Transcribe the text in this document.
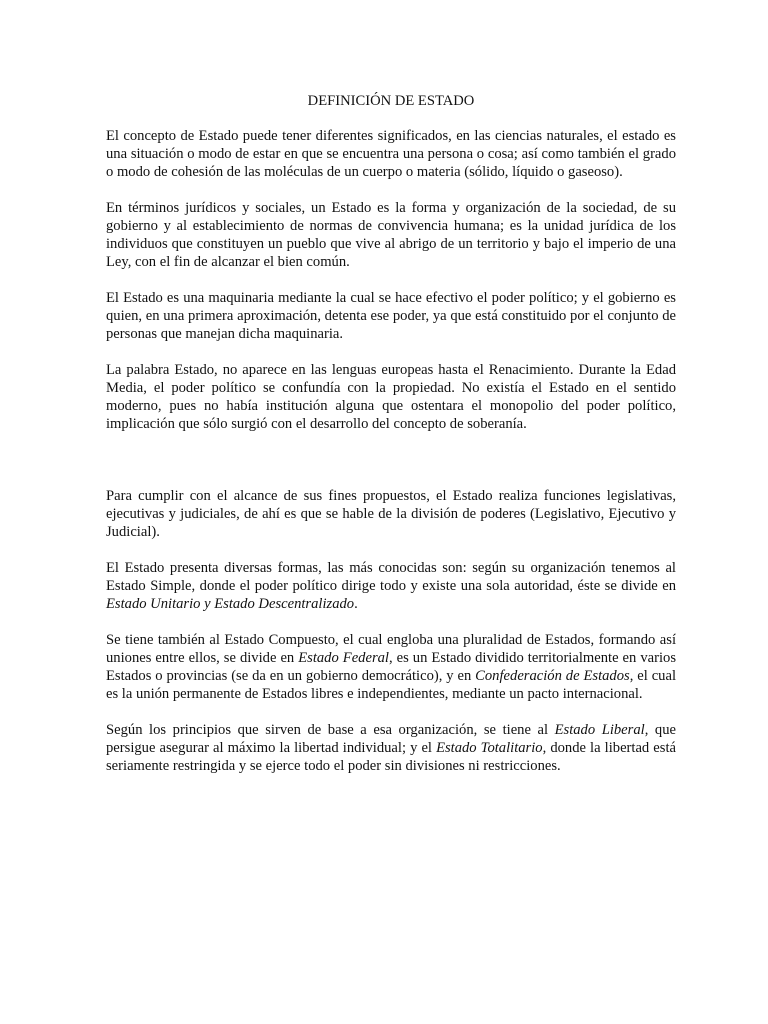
DEFINICIÓN DE ESTADO

El concepto de Estado puede tener diferentes significados, en las ciencias naturales, el estado es una situación o modo de estar en que se encuentra una persona o cosa; así como también el grado o modo de cohesión de las moléculas de un cuerpo o materia (sólido, líquido o gaseoso).

En términos jurídicos y sociales, un Estado es la forma y organización de la sociedad, de su gobierno y al establecimiento de normas de convivencia humana; es la unidad jurídica de los individuos que constituyen un pueblo que vive al abrigo de un territorio y bajo el imperio de una Ley, con el fin de alcanzar el bien común.

El Estado es una maquinaria mediante la cual se hace efectivo el poder político; y el gobierno es quien, en una primera aproximación, detenta ese poder, ya que está constituido por el conjunto de personas que manejan dicha maquinaria.

La palabra Estado, no aparece en las lenguas europeas hasta el Renacimiento. Durante la Edad Media, el poder político se confundía con la propiedad. No existía el Estado en el sentido moderno, pues no había institución alguna que ostentara el monopolio del poder político, implicación que sólo surgió con el desarrollo del concepto de soberanía.

Para cumplir con el alcance de sus fines propuestos, el Estado realiza funciones legislativas, ejecutivas y judiciales, de ahí es que se hable de la división de poderes (Legislativo, Ejecutivo y Judicial).

El Estado presenta diversas formas, las más conocidas son: según su organización tenemos al Estado Simple, donde el poder político dirige todo y existe una sola autoridad, éste se divide en Estado Unitario y Estado Descentralizado.

Se tiene también al Estado Compuesto, el cual engloba una pluralidad de Estados, formando así uniones entre ellos, se divide en Estado Federal, es un Estado dividido territorialmente en varios Estados o provincias (se da en un gobierno democrático), y en Confederación de Estados, el cual es la unión permanente de Estados libres e independientes, mediante un pacto internacional.

Según los principios que sirven de base a esa organización, se tiene al Estado Liberal, que persigue asegurar al máximo la libertad individual; y el Estado Totalitario, donde la libertad está seriamente restringida y se ejerce todo el poder sin divisiones ni restricciones.
